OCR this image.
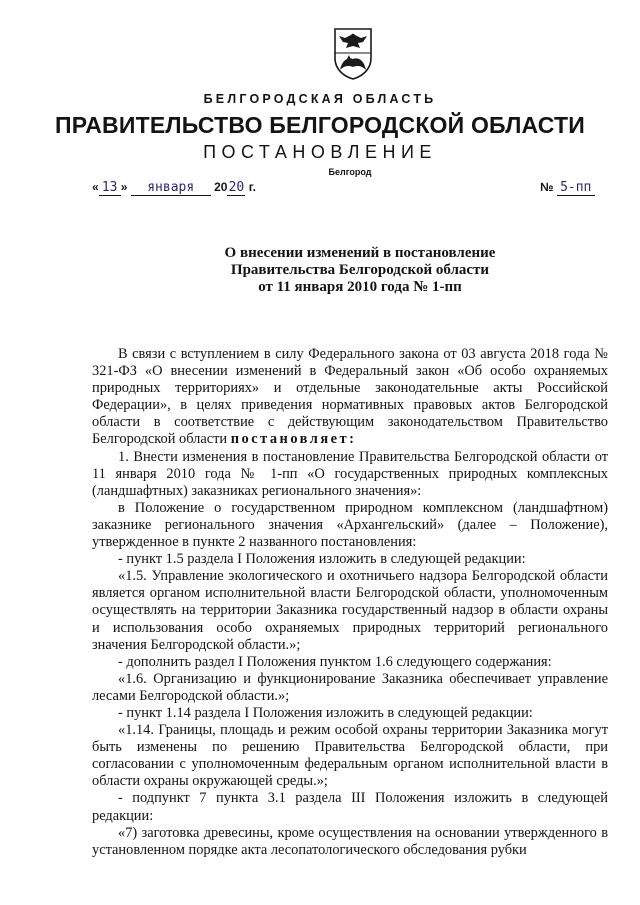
БЕЛГОРОДСКАЯ ОБЛАСТЬ
ПРАВИТЕЛЬСТВО БЕЛГОРОДСКОЙ ОБЛАСТИ
ПОСТАНОВЛЕНИЕ
Белгород
« 13 » января 2020 г.	№ 5-пп
О внесении изменений в постановление
Правительства Белгородской области
от 11 января 2010 года № 1-пп

В связи с вступлением в силу Федерального закона от 03 августа 2018 года № 321-ФЗ «О внесении изменений в Федеральный закон «Об особо охраняемых природных территориях» и отдельные законодательные акты Российской Федерации», в целях приведения нормативных правовых актов Белгородской области в соответствие с действующим законодательством Правительство Белгородской области постановляет:

1. Внести изменения в постановление Правительства Белгородской области от 11 января 2010 года № 1-пп «О государственных природных комплексных (ландшафтных) заказниках регионального значения»:

в Положение о государственном природном комплексном (ландшафтном) заказнике регионального значения «Архангельский» (далее – Положение), утвержденное в пункте 2 названного постановления:

- пункт 1.5 раздела I Положения изложить в следующей редакции:

«1.5. Управление экологического и охотничьего надзора Белгородской области является органом исполнительной власти Белгородской области, уполномоченным осуществлять на территории Заказника государственный надзор в области охраны и использования особо охраняемых природных территорий регионального значения Белгородской области.»;

- дополнить раздел I Положения пунктом 1.6 следующего содержания:

«1.6. Организацию и функционирование Заказника обеспечивает управление лесами Белгородской области.»;

- пункт 1.14 раздела I Положения изложить в следующей редакции:

«1.14. Границы, площадь и режим особой охраны территории Заказника могут быть изменены по решению Правительства Белгородской области, при согласовании с уполномоченным федеральным органом исполнительной власти в области охраны окружающей среды.»;

- подпункт 7 пункта 3.1 раздела III Положения изложить в следующей редакции:

«7) заготовка древесины, кроме осуществления на основании утвержденного в установленном порядке акта лесопатологического обследования рубки
